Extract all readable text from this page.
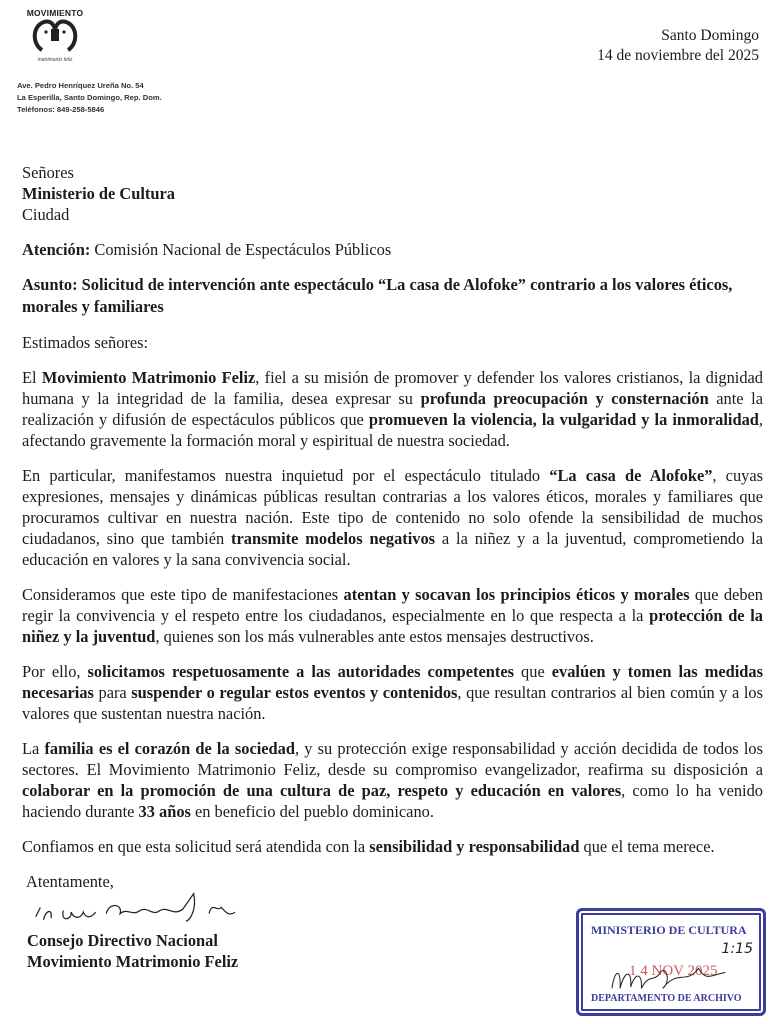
MOVIMIENTO
matrimonio feliz
Ave. Pedro Henríquez Ureña No. 54
La Esperilla, Santo Domingo, Rep. Dom.
Teléfonos: 849-258-5846
Santo Domingo
14 de noviembre del 2025
Señores
Ministerio de Cultura
Ciudad
Atención: Comisión Nacional de Espectáculos Públicos
Asunto: Solicitud de intervención ante espectáculo “La casa de Alofoke” contrario a los valores éticos, morales y familiares
Estimados señores:
El Movimiento Matrimonio Feliz, fiel a su misión de promover y defender los valores cristianos, la dignidad humana y la integridad de la familia, desea expresar su profunda preocupación y consternación ante la realización y difusión de espectáculos públicos que promueven la violencia, la vulgaridad y la inmoralidad, afectando gravemente la formación moral y espiritual de nuestra sociedad.
En particular, manifestamos nuestra inquietud por el espectáculo titulado “La casa de Alofoke”, cuyas expresiones, mensajes y dinámicas públicas resultan contrarias a los valores éticos, morales y familiares que procuramos cultivar en nuestra nación. Este tipo de contenido no solo ofende la sensibilidad de muchos ciudadanos, sino que también transmite modelos negativos a la niñez y a la juventud, comprometiendo la educación en valores y la sana convivencia social.
Consideramos que este tipo de manifestaciones atentan y socavan los principios éticos y morales que deben regir la convivencia y el respeto entre los ciudadanos, especialmente en lo que respecta a la protección de la niñez y la juventud, quienes son los más vulnerables ante estos mensajes destructivos.
Por ello, solicitamos respetuosamente a las autoridades competentes que evalúen y tomen las medidas necesarias para suspender o regular estos eventos y contenidos, que resultan contrarios al bien común y a los valores que sustentan nuestra nación.
La familia es el corazón de la sociedad, y su protección exige responsabilidad y acción decidida de todos los sectores. El Movimiento Matrimonio Feliz, desde su compromiso evangelizador, reafirma su disposición a colaborar en la promoción de una cultura de paz, respeto y educación en valores, como lo ha venido haciendo durante 33 años en beneficio del pueblo dominicano.
Confiamos en que esta solicitud será atendida con la sensibilidad y responsabilidad que el tema merece.
Atentamente,
Consejo Directivo Nacional
Movimiento Matrimonio Feliz
MINISTERIO DE CULTURA
1:15
1 4 NOV 2025
DEPARTAMENTO DE ARCHIVO
